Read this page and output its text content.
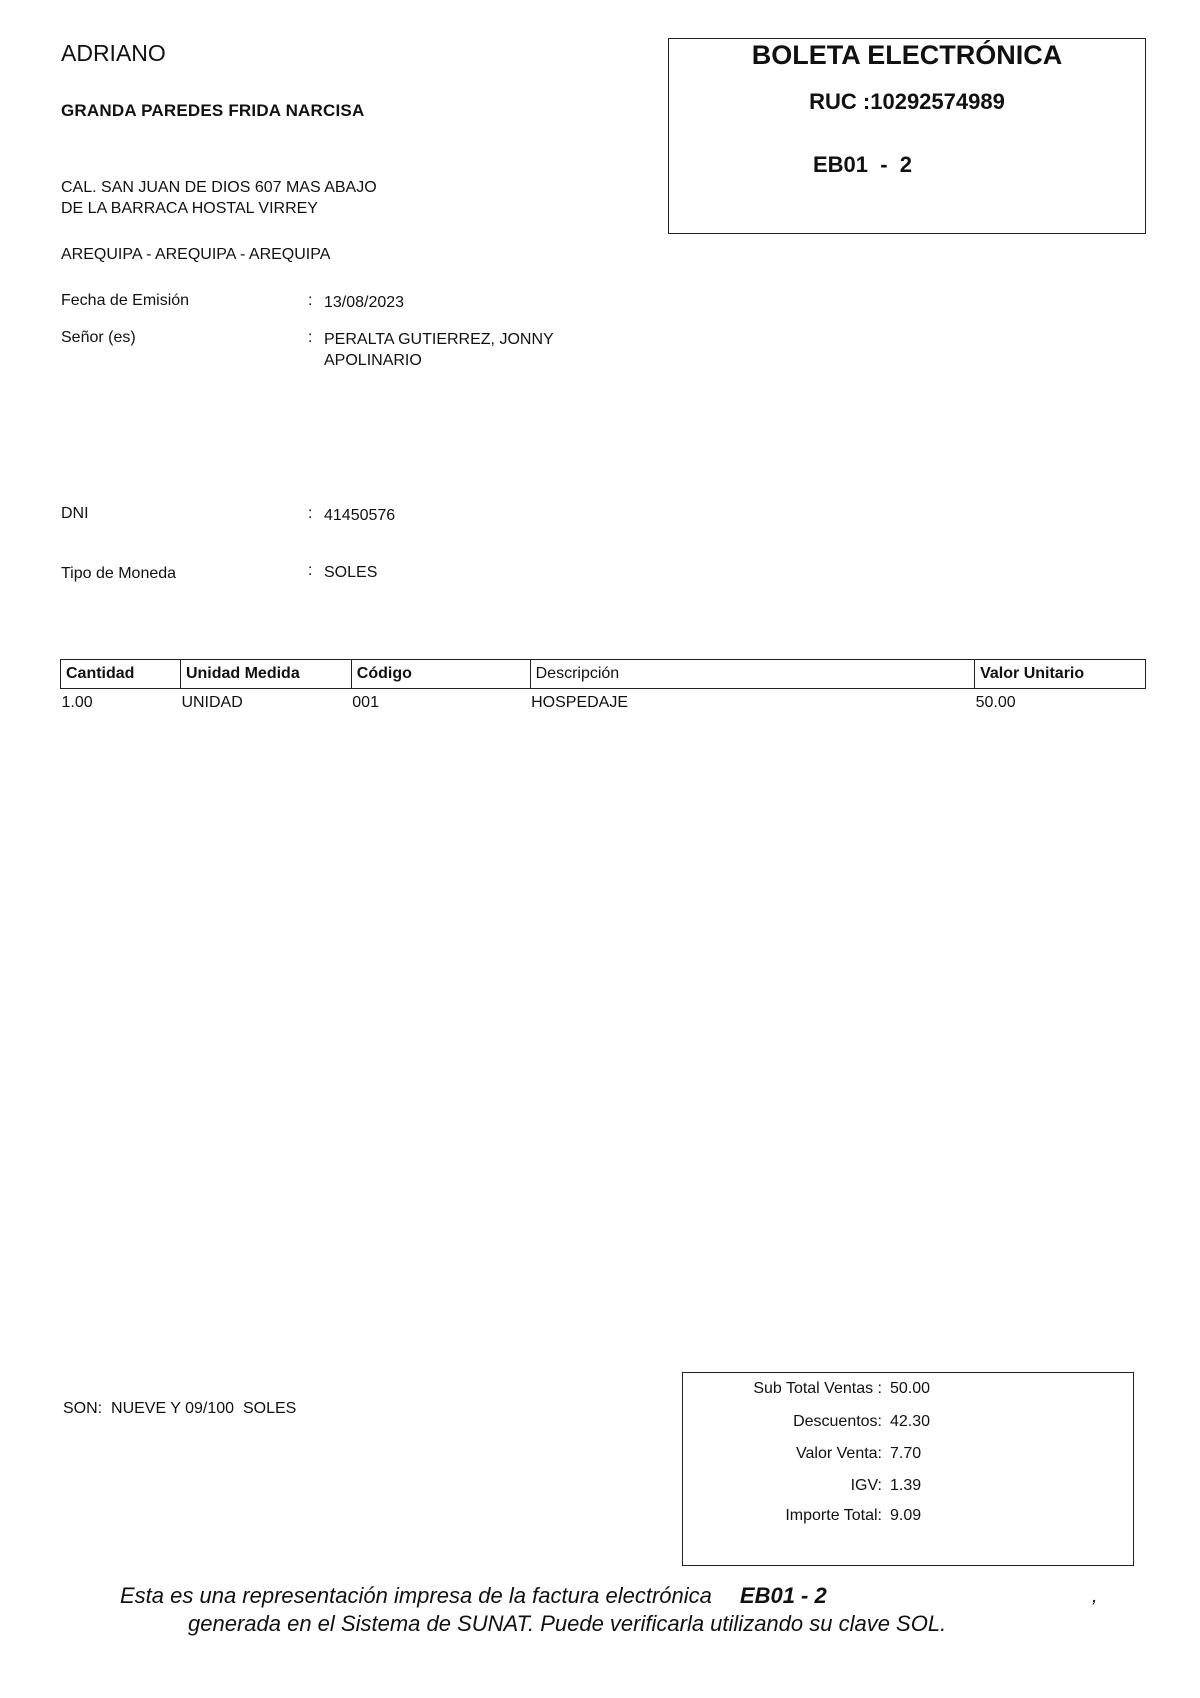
ADRIANO
GRANDA PAREDES FRIDA NARCISA
CAL. SAN JUAN DE DIOS 607 MAS ABAJO
DE LA BARRACA HOSTAL VIRREY
AREQUIPA - AREQUIPA - AREQUIPA
BOLETA ELECTRÓNICA
RUC :10292574989
EB01  -  2
Fecha de Emisión	: 13/08/2023
Señor (es)	: PERALTA GUTIERREZ, JONNY
APOLINARIO
DNI	: 41450576
Tipo de Moneda	: SOLES
Cantidad	Unidad Medida	Código	Descripción	Valor Unitario
1.00	UNIDAD	001	HOSPEDAJE	50.00
SON:  NUEVE Y 09/100  SOLES
Sub Total Ventas : 50.00
Descuentos: 42.30
Valor Venta: 7.70
IGV: 1.39
Importe Total: 9.09
Esta es una representación impresa de la factura electrónica EB01 - 2	,
generada en el Sistema de SUNAT. Puede verificarla utilizando su clave SOL.
